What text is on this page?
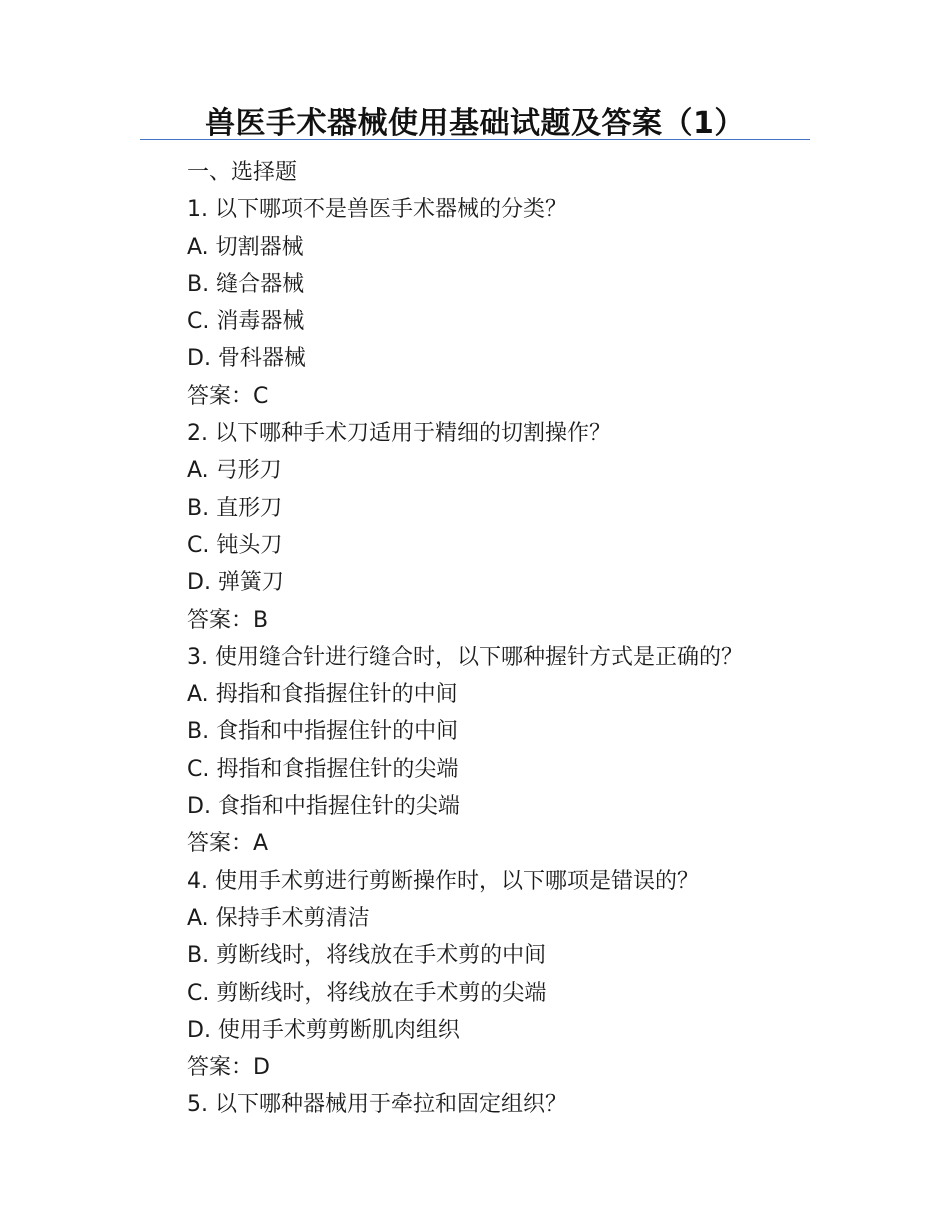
兽医手术器械使用基础试题及答案（1）
一、选择题
1. 以下哪项不是兽医手术器械的分类？
A. 切割器械
B. 缝合器械
C. 消毒器械
D. 骨科器械
答案：C
2. 以下哪种手术刀适用于精细的切割操作？
A. 弓形刀
B. 直形刀
C. 钝头刀
D. 弹簧刀
答案：B
3. 使用缝合针进行缝合时，以下哪种握针方式是正确的？
A. 拇指和食指握住针的中间
B. 食指和中指握住针的中间
C. 拇指和食指握住针的尖端
D. 食指和中指握住针的尖端
答案：A
4. 使用手术剪进行剪断操作时，以下哪项是错误的？
A. 保持手术剪清洁
B. 剪断线时，将线放在手术剪的中间
C. 剪断线时，将线放在手术剪的尖端
D. 使用手术剪剪断肌肉组织
答案：D
5. 以下哪种器械用于牵拉和固定组织？
